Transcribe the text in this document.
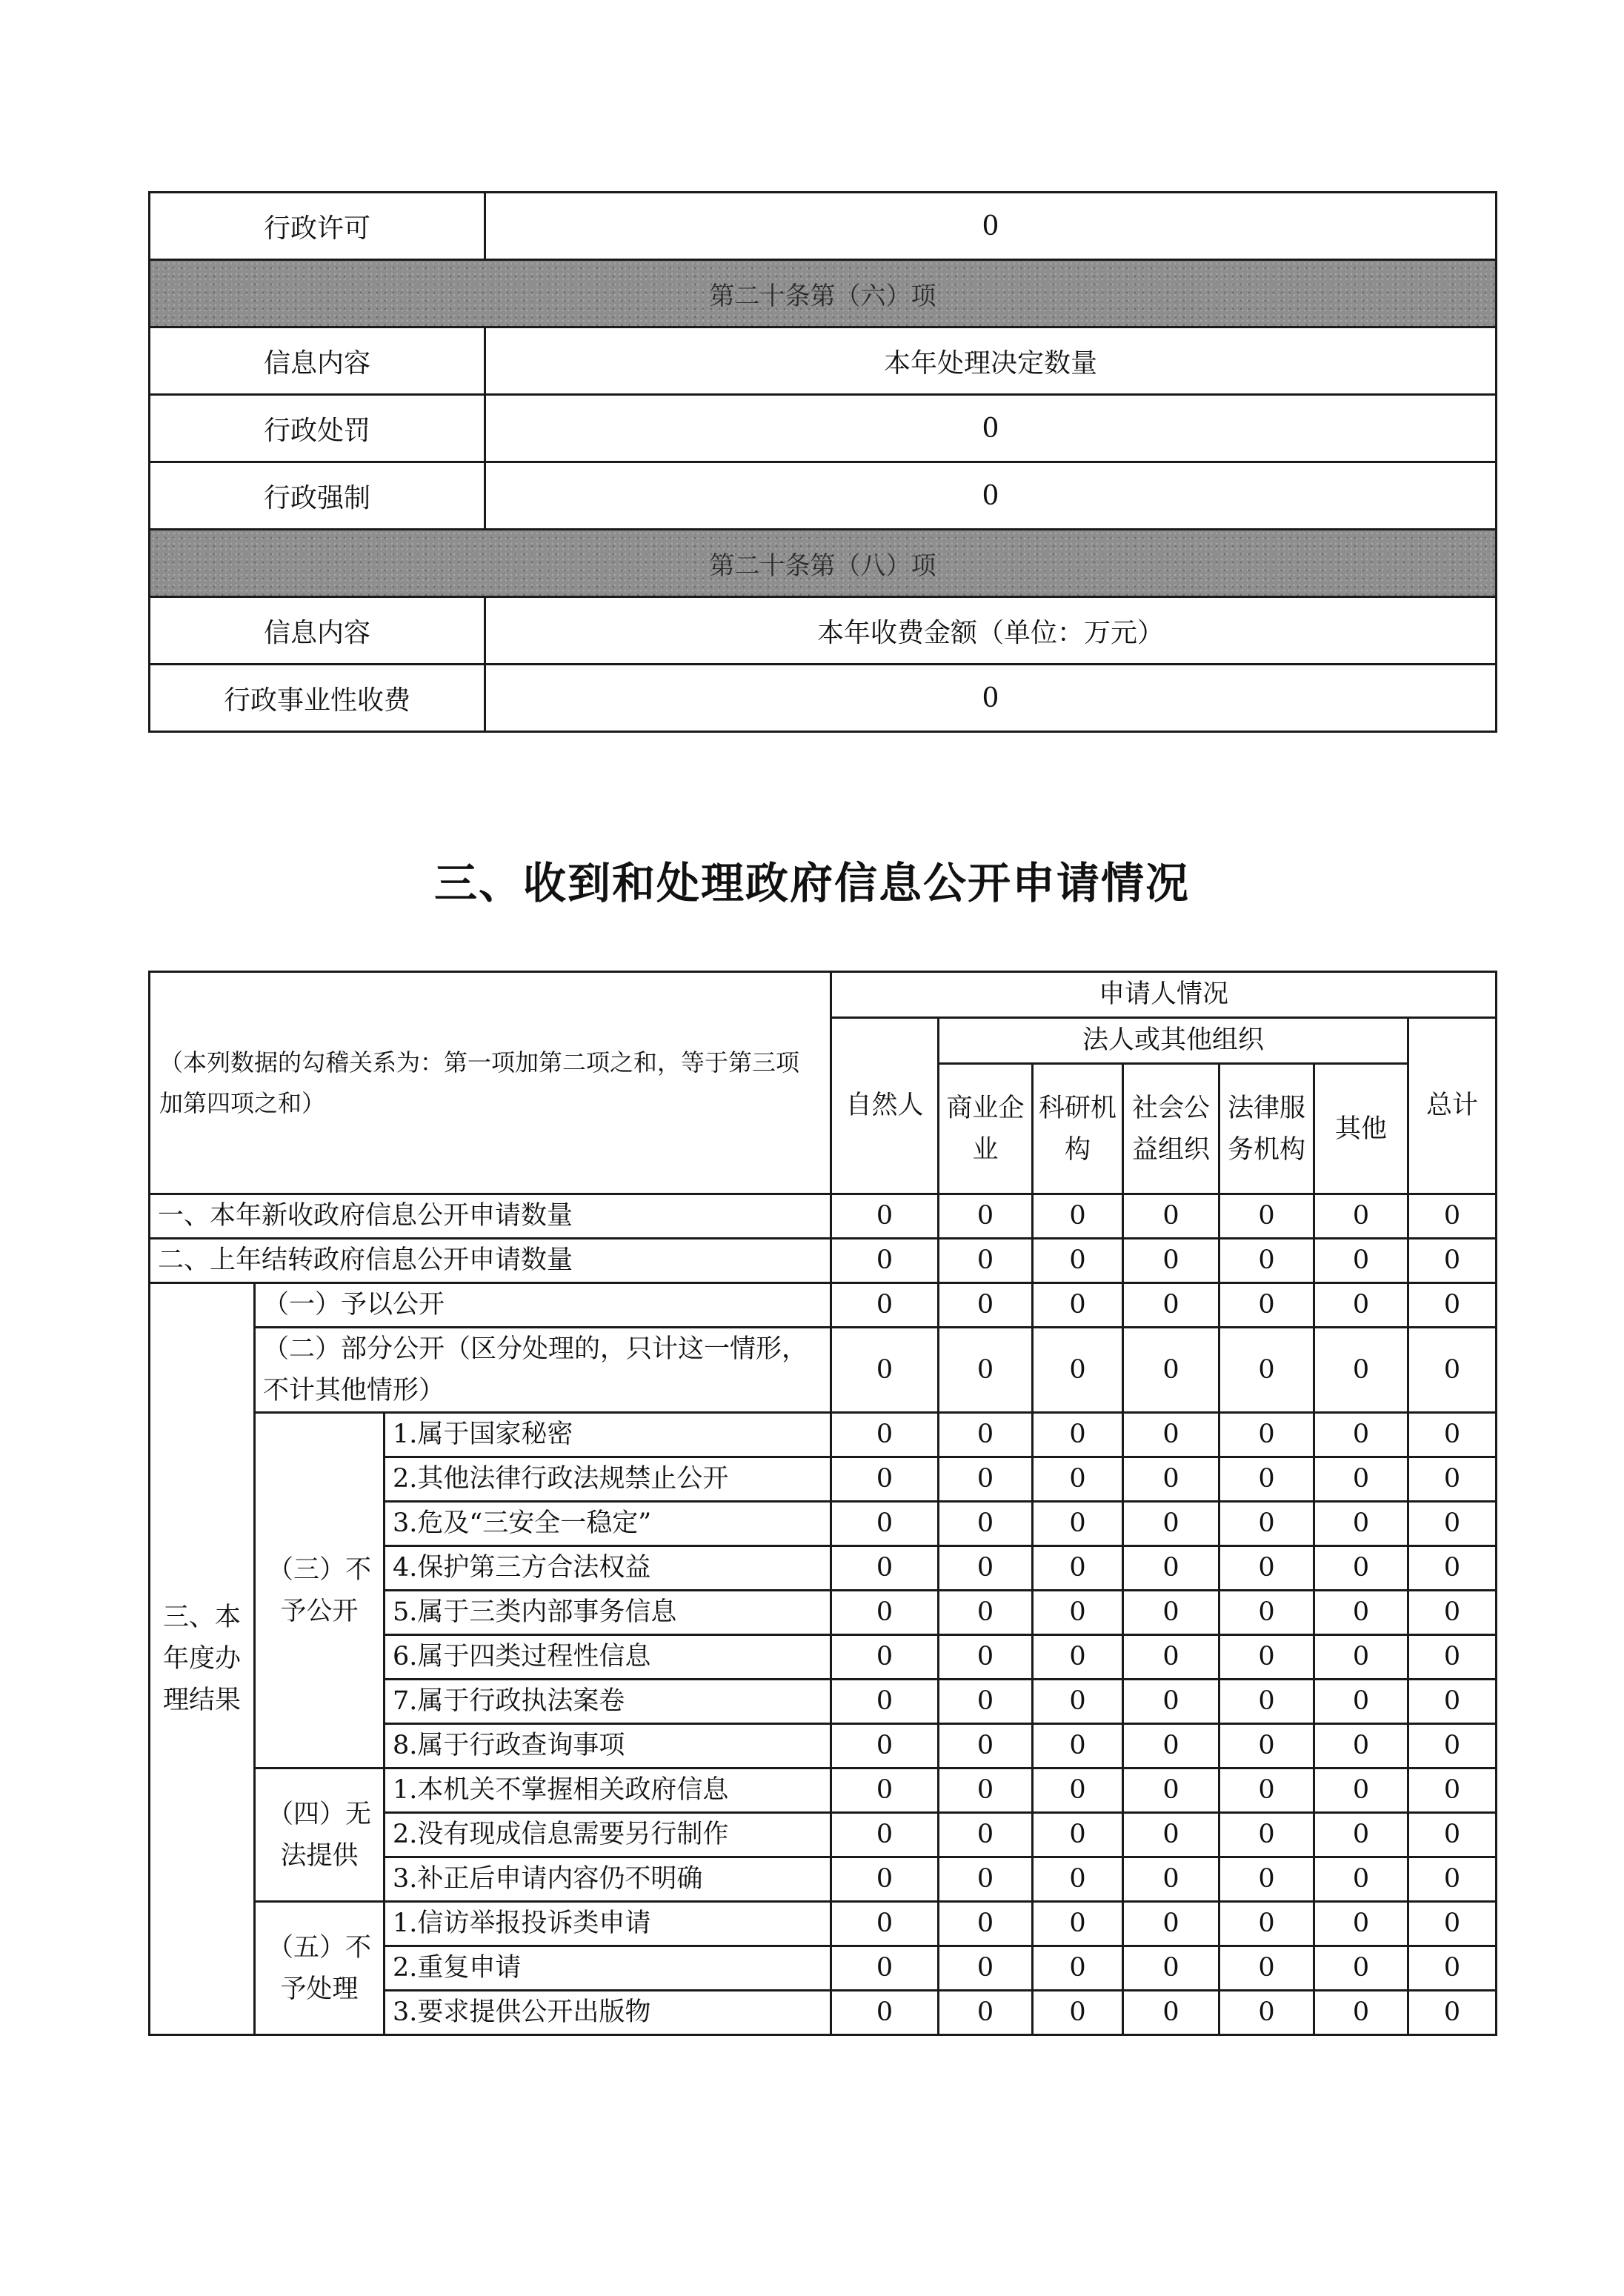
行政许可	0
第二十条第（六）项	
信息内容	本年处理决定数量
行政处罚	0
行政强制	0
第二十条第（八）项	
信息内容	本年收费金额（单位：万元）
行政事业性收费	0
三、收到和处理政府信息公开申请情况
（本列数据的勾稽关系为：第一项加第二项之和，等于第三项加第四项之和）			申请人情况						
			自然人	法人或其他组织					总计
				商业企业	科研机构	社会公益组织	法律服务机构	其他	
一、本年新收政府信息公开申请数量			0	0	0	0	0	0	0
二、上年结转政府信息公开申请数量			0	0	0	0	0	0	0
三、本年度办理结果	（一）予以公开		0	0	0	0	0	0	0
	（二）部分公开（区分处理的，只计这一情形，不计其他情形）		0	0	0	0	0	0	0
	（三）不予公开	1.属于国家秘密	0	0	0	0	0	0	0
		2.其他法律行政法规禁止公开	0	0	0	0	0	0	0
		3.危及“三安全一稳定”	0	0	0	0	0	0	0
		4.保护第三方合法权益	0	0	0	0	0	0	0
		5.属于三类内部事务信息	0	0	0	0	0	0	0
		6.属于四类过程性信息	0	0	0	0	0	0	0
		7.属于行政执法案卷	0	0	0	0	0	0	0
		8.属于行政查询事项	0	0	0	0	0	0	0
	（四）无法提供	1.本机关不掌握相关政府信息	0	0	0	0	0	0	0
		2.没有现成信息需要另行制作	0	0	0	0	0	0	0
		3.补正后申请内容仍不明确	0	0	0	0	0	0	0
	（五）不予处理	1.信访举报投诉类申请	0	0	0	0	0	0	0
		2.重复申请	0	0	0	0	0	0	0
		3.要求提供公开出版物	0	0	0	0	0	0	0
